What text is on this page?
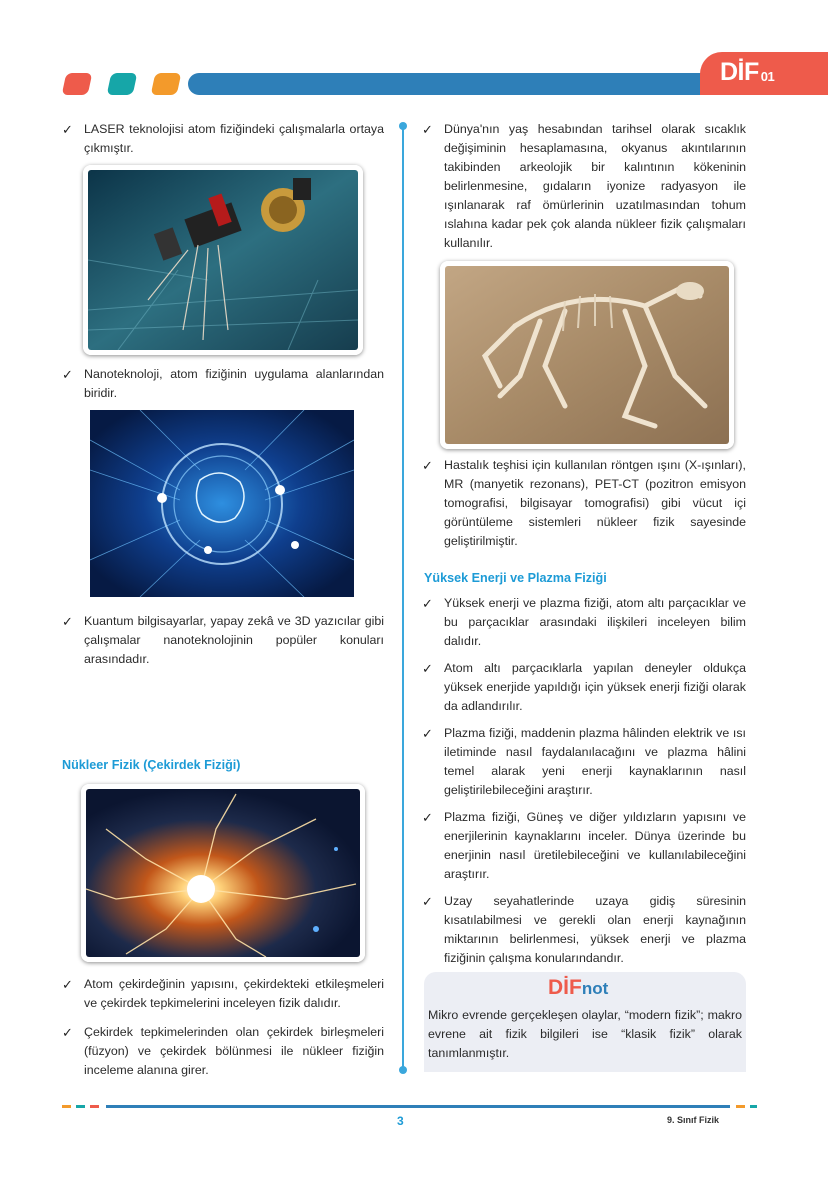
DİF $_{01}$

✓ LASER teknolojisi atom fiziğindeki çalışmalarla ortaya çıkmıştır.

✓ Nanoteknoloji, atom fiziğinin uygulama alanlarından biridir.

✓ Kuantum bilgisayarlar, yapay zekâ ve 3D yazıcılar gibi çalışmalar nanoteknolojinin popüler konuları arasındadır.

Nükleer Fizik (Çekirdek Fiziği)

✓ Atom çekirdeğinin yapısını, çekirdekteki etkileşmeleri ve çekirdek tepkimelerini inceleyen fizik dalıdır.

✓ Çekirdek tepkimelerinden olan çekirdek birleşmeleri (füzyon) ve çekirdek bölünmesi ile nükleer fiziğin inceleme alanına girer.

✓ Dünya'nın yaş hesabından tarihsel olarak sıcaklık değişiminin hesaplamasına, okyanus akıntılarının takibinden arkeolojik bir kalıntının kökeninin belirlenmesine, gıdaların iyonize radyasyon ile ışınlanarak raf ömürlerinin uzatılmasından tohum ıslahına kadar pek çok alanda nükleer fizik çalışmaları kullanılır.

✓ Hastalık teşhisi için kullanılan röntgen ışını (X-ışınları), MR (manyetik rezonans), PET-CT (pozitron emisyon tomografisi, bilgisayar tomografisi) gibi vücut içi görüntüleme sistemleri nükleer fizik sayesinde geliştirilmiştir.

Yüksek Enerji ve Plazma Fiziği

✓ Yüksek enerji ve plazma fiziği, atom altı parçacıklar ve bu parçacıklar arasındaki ilişkileri inceleyen bilim dalıdır.

✓ Atom altı parçacıklarla yapılan deneyler oldukça yüksek enerjide yapıldığı için yüksek enerji fiziği olarak da adlandırılır.

✓ Plazma fiziği, maddenin plazma hâlinden elektrik ve ısı iletiminde nasıl faydalanılacağını ve plazma hâlini temel alarak yeni enerji kaynaklarının nasıl geliştirilebileceğini araştırır.

✓ Plazma fiziği, Güneş ve diğer yıldızların yapısını ve enerjilerinin kaynaklarını inceler. Dünya üzerinde bu enerjinin nasıl üretilebileceğini ve kullanılabileceğini araştırır.

✓ Uzay seyahatlerinde uzaya gidiş süresinin kısatılabilmesi ve gerekli olan enerji kaynağının miktarının belirlenmesi, yüksek enerji ve plazma fiziğinin çalışma konularındandır.

DİFnot
Mikro evrende gerçekleşen olaylar, “modern fizik”; makro evrene ait fizik bilgileri ise “klasik fizik” olarak tanımlanmıştır.
3	9. Sınıf Fizik
